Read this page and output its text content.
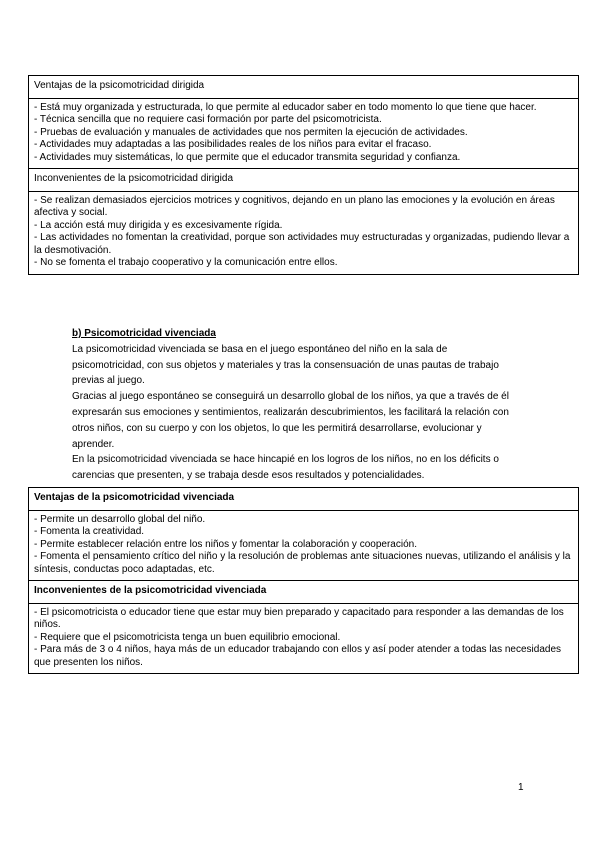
Ventajas de la psicomotricidad dirigida

- Está muy organizada y estructurada, lo que permite al educador saber en todo momento lo que tiene que hacer.

- Técnica sencilla que no requiere casi formación por parte del psicomotricista.

- Pruebas de evaluación y manuales de actividades que nos permiten la ejecución de actividades.

- Actividades muy adaptadas a las posibilidades reales de los niños para evitar el fracaso.

- Actividades muy sistemáticas, lo que permite que el educador transmita seguridad y confianza.

Inconvenientes de la psicomotricidad dirigida

- Se realizan demasiados ejercicios motrices y cognitivos, dejando en un plano las emociones y la evolución en áreas afectiva y social.

- La acción está muy dirigida y es excesivamente rígida.

- Las actividades no fomentan la creatividad, porque son actividades muy estructuradas y organizadas, pudiendo llevar a la desmotivación.

- No se fomenta el trabajo cooperativo y la comunicación entre ellos.

b) Psicomotricidad vivenciada

La psicomotricidad vivenciada se basa en el juego espontáneo del niño en la sala de psicomotricidad, con sus objetos y materiales y tras la consensuación de unas pautas de trabajo previas al juego.

Gracias al juego espontáneo se conseguirá un desarrollo global de los niños, ya que a través de él expresarán sus emociones y sentimientos, realizarán descubrimientos, les facilitará la relación con otros niños, con su cuerpo y con los objetos, lo que les permitirá desarrollarse, evolucionar y aprender.

En la psicomotricidad vivenciada se hace hincapié en los logros de los niños, no en los déficits o carencias que presenten, y se trabaja desde esos resultados y potencialidades.

Ventajas de la psicomotricidad vivenciada

- Permite un desarrollo global del niño.

- Fomenta la creatividad.

- Permite establecer relación entre los niños y fomentar la colaboración y cooperación.

- Fomenta el pensamiento crítico del niño y la resolución de problemas ante situaciones nuevas, utilizando el análisis y la síntesis, conductas poco adaptadas, etc.

Inconvenientes de la psicomotricidad vivenciada

- El psicomotricista o educador tiene que estar muy bien preparado y capacitado para responder a las demandas de los niños.

- Requiere que el psicomotricista tenga un buen equilibrio emocional.

- Para más de 3 o 4 niños, haya más de un educador trabajando con ellos y así poder atender a todas las necesidades que presenten los niños.

1
